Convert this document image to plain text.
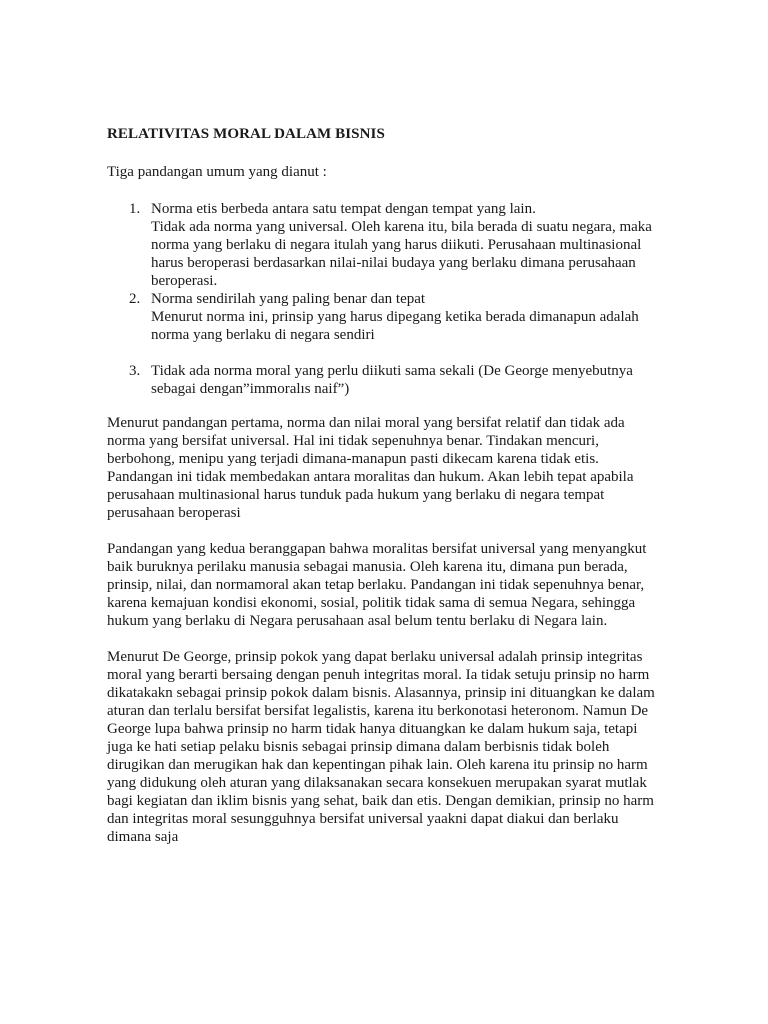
RELATIVITAS MORAL DALAM BISNIS

Tiga pandangan umum yang dianut :

1. Norma etis berbeda antara satu tempat dengan tempat yang lain.
Tidak ada norma yang universal. Oleh karena itu, bila berada di suatu negara, maka
norma yang berlaku di negara itulah yang harus diikuti. Perusahaan multinasional
harus beroperasi berdasarkan nilai-nilai budaya yang berlaku dimana perusahaan
beroperasi.
2. Norma sendirilah yang paling benar dan tepat
Menurut norma ini, prinsip yang harus dipegang ketika berada dimanapun adalah
norma yang berlaku di negara sendiri
3. Tidak ada norma moral yang perlu diikuti sama sekali (De George menyebutnya
sebagai dengan”immoralıs naif”)
Menurut pandangan pertama, norma dan nilai moral yang bersifat relatif dan tidak ada
norma yang bersifat universal. Hal ini tidak sepenuhnya benar. Tindakan mencuri,
berbohong, menipu yang terjadi dimana-manapun pasti dikecam karena tidak etis.
Pandangan ini tidak membedakan antara moralitas dan hukum. Akan lebih tepat apabila
perusahaan multinasional harus tunduk pada hukum yang berlaku di negara tempat
perusahaan beroperasi
Pandangan yang kedua beranggapan bahwa moralitas bersifat universal yang menyangkut
baik buruknya perilaku manusia sebagai manusia. Oleh karena itu, dimana pun berada,
prinsip, nilai, dan normamoral akan tetap berlaku. Pandangan ini tidak sepenuhnya benar,
karena kemajuan kondisi ekonomi, sosial, politik tidak sama di semua Negara, sehingga
hukum yang berlaku di Negara perusahaan asal belum tentu berlaku di Negara lain.
Menurut De George, prinsip pokok yang dapat berlaku universal adalah prinsip integritas
moral yang berarti bersaing dengan penuh integritas moral. Ia tidak setuju prinsip no harm
dikatakakn sebagai prinsip pokok dalam bisnis. Alasannya, prinsip ini dituangkan ke dalam
aturan dan terlalu bersifat bersifat legalistis, karena itu berkonotasi heteronom. Namun De
George lupa bahwa prinsip no harm tidak hanya dituangkan ke dalam hukum saja, tetapi
juga ke hati setiap pelaku bisnis sebagai prinsip dimana dalam berbisnis tidak boleh
dirugikan dan merugikan hak dan kepentingan pihak lain. Oleh karena itu prinsip no harm
yang didukung oleh aturan yang dilaksanakan secara konsekuen merupakan syarat mutlak
bagi kegiatan dan iklim bisnis yang sehat, baik dan etis. Dengan demikian, prinsip no harm
dan integritas moral sesungguhnya bersifat universal yaakni dapat diakui dan berlaku
dimana saja
